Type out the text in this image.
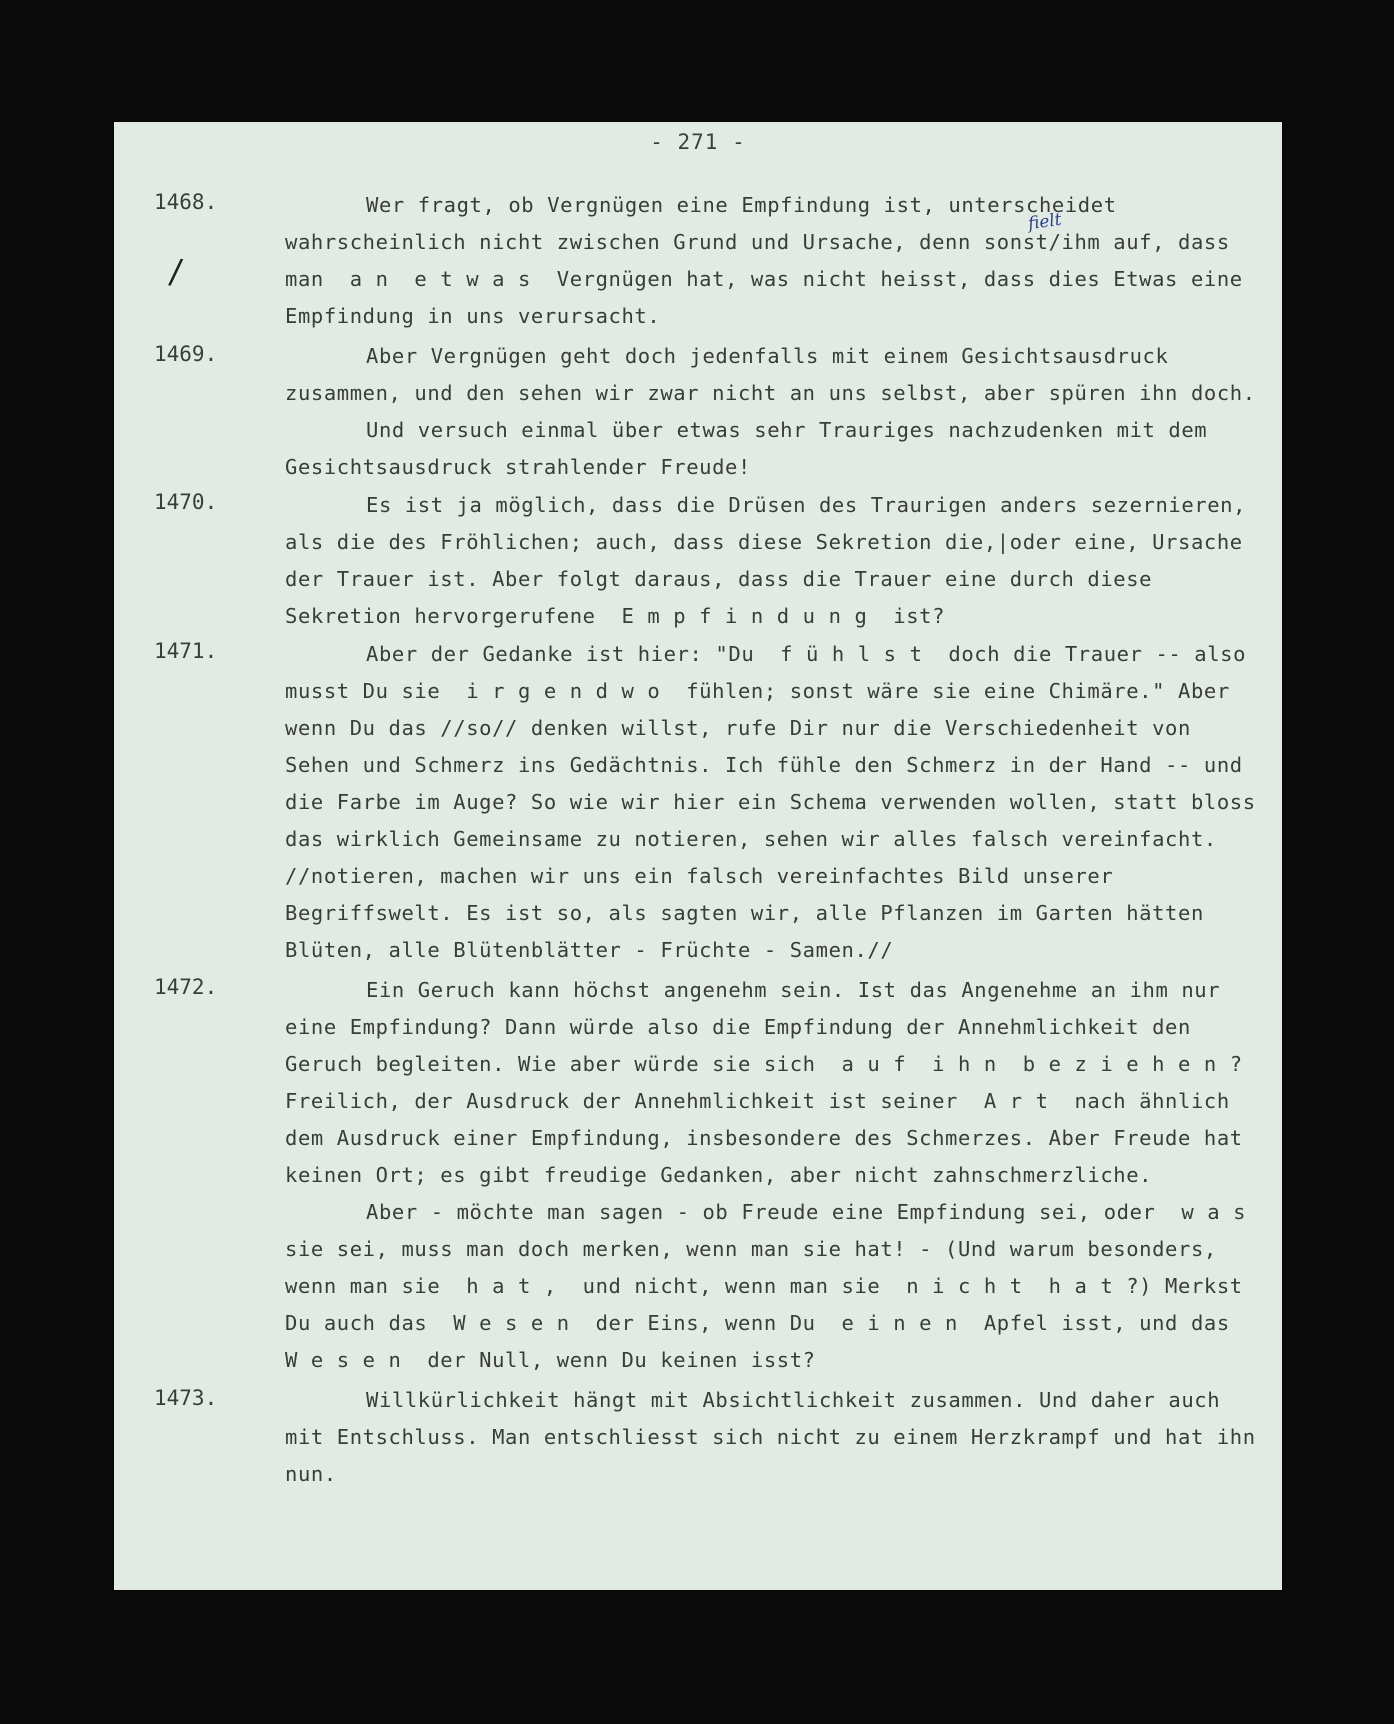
- 271 -
/
fielt
1468.	Wer fragt, ob Vergnügen eine Empfindung ist, unterscheidet
wahrscheinlich nicht zwischen Grund und Ursache, denn sonst/ihm auf, dass
man  a n  e t w a s  Vergnügen hat, was nicht heisst, dass dies Etwas eine
Empfindung in uns verursacht.
1469.	Aber Vergnügen geht doch jedenfalls mit einem Gesichtsausdruck
zusammen, und den sehen wir zwar nicht an uns selbst, aber spüren ihn doch.
Und versuch einmal über etwas sehr Trauriges nachzudenken mit dem
Gesichtsausdruck strahlender Freude!
1470.	Es ist ja möglich, dass die Drüsen des Traurigen anders sezernieren,
als die des Fröhlichen; auch, dass diese Sekretion die,|oder eine, Ursache
der Trauer ist. Aber folgt daraus, dass die Trauer eine durch diese
Sekretion hervorgerufene  E m p f i n d u n g  ist?
1471.	Aber der Gedanke ist hier: "Du  f ü h l s t  doch die Trauer -- also
musst Du sie  i r g e n d w o  fühlen; sonst wäre sie eine Chimäre." Aber
wenn Du das //so// denken willst, rufe Dir nur die Verschiedenheit von
Sehen und Schmerz ins Gedächtnis. Ich fühle den Schmerz in der Hand -- und
die Farbe im Auge? So wie wir hier ein Schema verwenden wollen, statt bloss
das wirklich Gemeinsame zu notieren, sehen wir alles falsch vereinfacht.
//notieren, machen wir uns ein falsch vereinfachtes Bild unserer
Begriffswelt. Es ist so, als sagten wir, alle Pflanzen im Garten hätten
Blüten, alle Blütenblätter - Früchte - Samen.//
1472.	Ein Geruch kann höchst angenehm sein. Ist das Angenehme an ihm nur
eine Empfindung? Dann würde also die Empfindung der Annehmlichkeit den
Geruch begleiten. Wie aber würde sie sich  a u f  i h n  b e z i e h e n ?
Freilich, der Ausdruck der Annehmlichkeit ist seiner  A r t  nach ähnlich
dem Ausdruck einer Empfindung, insbesondere des Schmerzes. Aber Freude hat
keinen Ort; es gibt freudige Gedanken, aber nicht zahnschmerzliche.
Aber - möchte man sagen - ob Freude eine Empfindung sei, oder  w a s
sie sei, muss man doch merken, wenn man sie hat! - (Und warum besonders,
wenn man sie  h a t ,  und nicht, wenn man sie  n i c h t  h a t ?) Merkst
Du auch das  W e s e n  der Eins, wenn Du  e i n e n  Apfel isst, und das
W e s e n  der Null, wenn Du keinen isst?
1473.	Willkürlichkeit hängt mit Absichtlichkeit zusammen. Und daher auch
mit Entschluss. Man entschliesst sich nicht zu einem Herzkrampf und hat ihn
nun.
